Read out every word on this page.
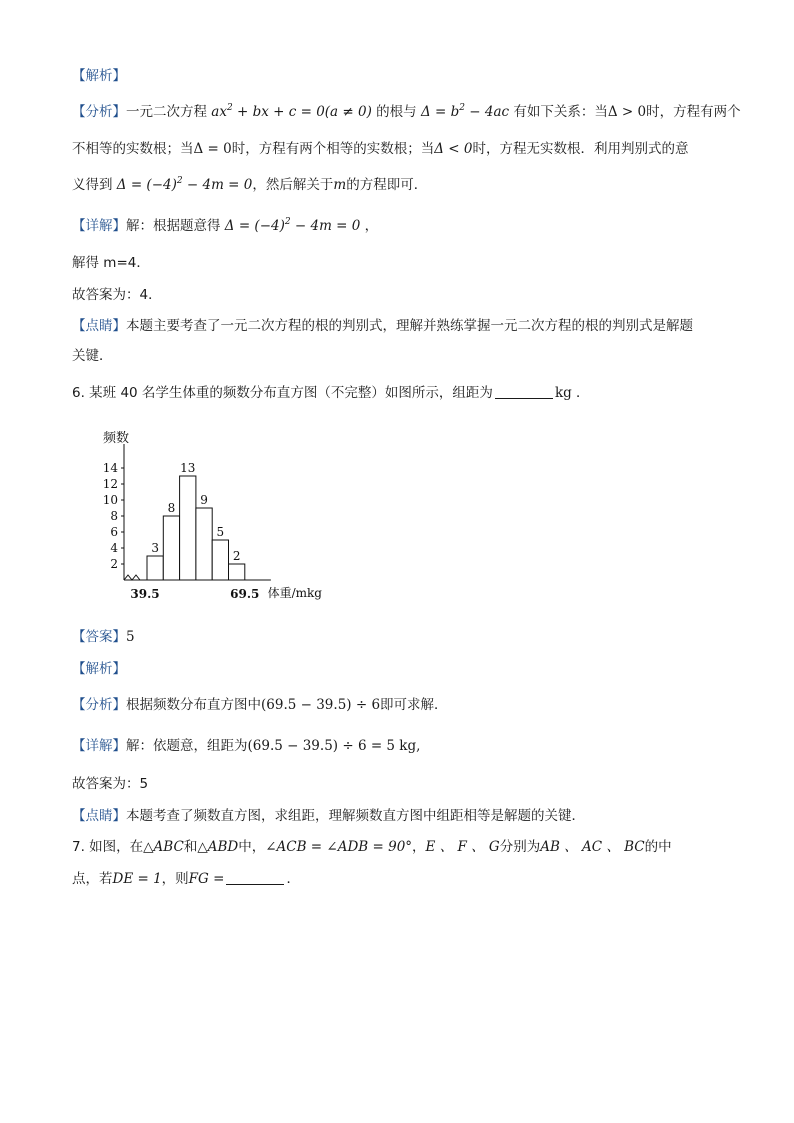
【解析】
【分析】一元二次方程 $ax^2$ + bx + c = 0(a ≠ 0) 的根与 $\Delta = b^2 - 4ac$ 有如下关系：当Δ > 0时，方程有两个
不相等的实数根；当Δ = 0时，方程有两个相等的实数根；当Δ < 0时，方程无实数根．利用判别式的意
义得到 $\Delta = (-4)^2 - 4m = 0$，然后解关于m的方程即可．
【详解】解：根据题意得 $\Delta = (-4)^2 - 4m = 0$ ，
解得 m=4．
故答案为：4．
【点睛】本题主要考查了一元二次方程的根的判别式，理解并熟练掌握一元二次方程的根的判别式是解题
关键．
6. 某班 40 名学生体重的频数分布直方图（不完整）如图所示，组距为	kg ．
频数
2
4
6
8
10
12
14
3
8
13
9
5
2
39.5	69.5 体重/mkg
【答案】5
【解析】
【分析】根据频数分布直方图中(69.5 − 39.5) ÷ 6即可求解．
【详解】解：依题意，组距为(69.5 − 39.5) ÷ 6 = 5 kg,
故答案为：5
【点睛】本题考查了频数直方图，求组距，理解频数直方图中组距相等是解题的关键．
7. 如图，在△ABC和△ABD中，∠ACB = ∠ADB = 90°，E 、 F 、 G分别为AB 、 AC 、 BC的中
点，若DE = 1，则FG =	．
